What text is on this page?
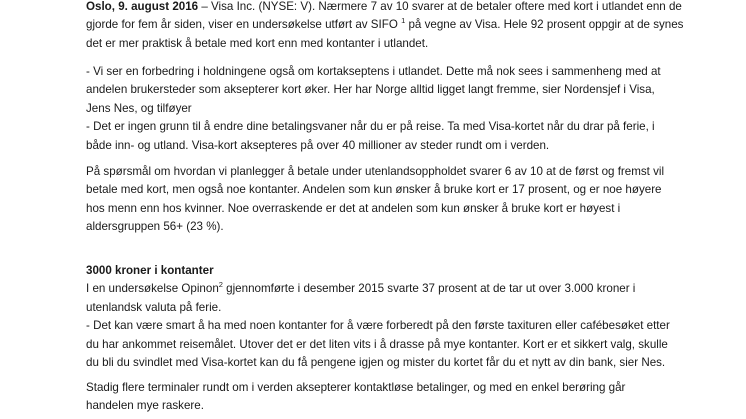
Oslo, 9. august 2016 – Visa Inc. (NYSE: V). Nærmere 7 av 10 svarer at de betaler oftere med kort i utlandet enn de
gjorde for fem år siden, viser en undersøkelse utført av SIFO $^1$ på vegne av Visa. Hele 92 prosent oppgir at de synes
det er mer praktisk å betale med kort enn med kontanter i utlandet.
- Vi ser en forbedring i holdningene også om kortakseptens i utlandet. Dette må nok sees i sammenheng med at
andelen brukersteder som aksepterer kort øker. Her har Norge alltid ligget langt fremme, sier Nordensjef i Visa,
Jens Nes, og tilføyer
- Det er ingen grunn til å endre dine betalingsvaner når du er på reise. Ta med Visa-kortet når du drar på ferie, i
både inn- og utland. Visa-kort aksepteres på over 40 millioner av steder rundt om i verden.
På spørsmål om hvordan vi planlegger å betale under utenlandsoppholdet svarer 6 av 10 at de først og fremst vil
betale med kort, men også noe kontanter. Andelen som kun ønsker å bruke kort er 17 prosent, og er noe høyere
hos menn enn hos kvinner. Noe overraskende er det at andelen som kun ønsker å bruke kort er høyest i
aldersgruppen 56+ (23 %).
3000 kroner i kontanter
I en undersøkelse Opinon$^2$ gjennomførte i desember 2015 svarte 37 prosent at de tar ut over 3.000 kroner i
utenlandsk valuta på ferie.
- Det kan være smart å ha med noen kontanter for å være forberedt på den første taxituren eller cafébesøket etter
du har ankommet reisemålet. Utover det er det liten vits i å drasse på mye kontanter. Kort er et sikkert valg, skulle
du bli du svindlet med Visa-kortet kan du få pengene igjen og mister du kortet får du et nytt av din bank, sier Nes.
Stadig flere terminaler rundt om i verden aksepterer kontaktløse betalinger, og med en enkel berøring går
handelen mye raskere.
